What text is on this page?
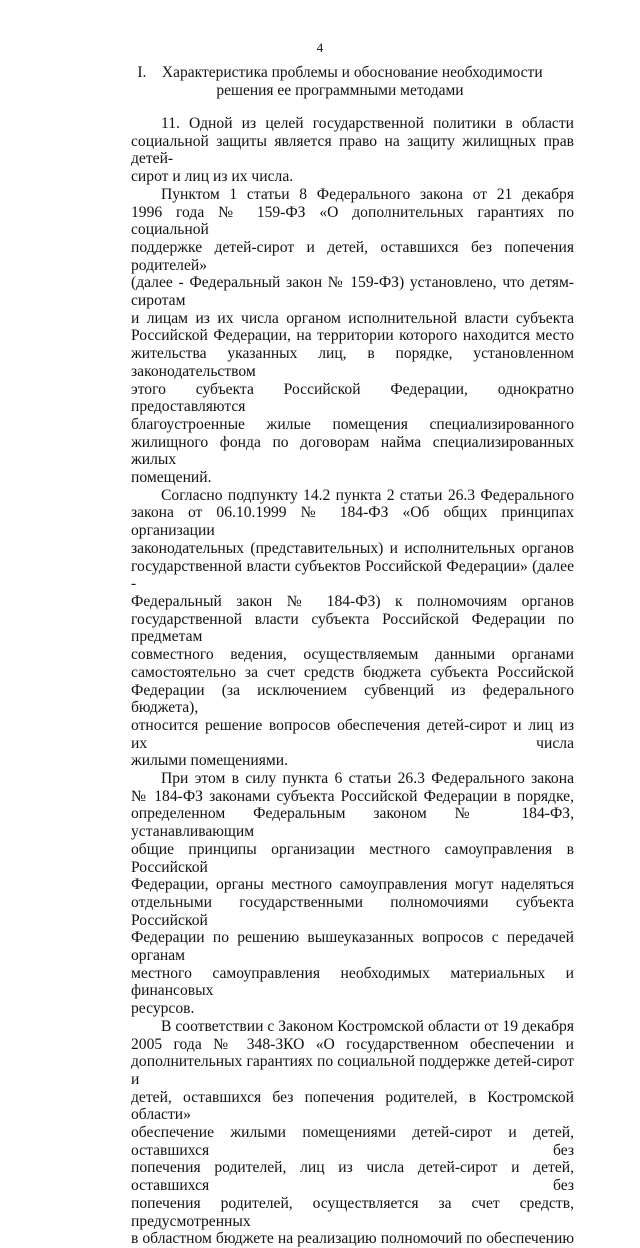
4
I.    Характеристика проблемы и обоснование необходимости
решения ее программными методами
11. Одной из целей государственной политики в области
социальной защиты является право на защиту жилищных прав детей-
сирот и лиц из их числа.
Пунктом 1 статьи 8 Федерального закона от 21 декабря
1996 года № 159-ФЗ «О дополнительных гарантиях по социальной
поддержке детей-сирот и детей, оставшихся без попечения родителей»
(далее - Федеральный закон № 159-ФЗ) установлено, что детям-сиротам
и лицам из их числа органом исполнительной власти субъекта
Российской Федерации, на территории которого находится место
жительства указанных лиц, в порядке, установленном законодательством
этого субъекта Российской Федерации, однократно предоставляются
благоустроенные жилые помещения специализированного
жилищного фонда по договорам найма специализированных жилых
помещений.
Согласно подпункту 14.2 пункта 2 статьи 26.3 Федерального
закона от 06.10.1999 № 184-ФЗ «Об общих принципах организации
законодательных (представительных) и исполнительных органов
государственной власти субъектов Российской Федерации» (далее -
Федеральный закон № 184-ФЗ) к полномочиям органов
государственной власти субъекта Российской Федерации по предметам
совместного ведения, осуществляемым данными органами
самостоятельно за счет средств бюджета субъекта Российской
Федерации (за исключением субвенций из федерального бюджета),
относится решение вопросов обеспечения детей-сирот и лиц из их числа
жилыми помещениями.
При этом в силу пункта 6 статьи 26.3 Федерального закона
№ 184-ФЗ законами субъекта Российской Федерации в порядке,
определенном Федеральным законом № 184-ФЗ, устанавливающим
общие принципы организации местного самоуправления в Российской
Федерации, органы местного самоуправления могут наделяться
отдельными государственными полномочиями субъекта Российской
Федерации по решению вышеуказанных вопросов с передачей органам
местного самоуправления необходимых материальных и финансовых
ресурсов.
В соответствии с Законом Костромской области от 19 декабря
2005 года № 348-ЗКО «О государственном обеспечении и
дополнительных гарантиях по социальной поддержке детей-сирот и
детей, оставшихся без попечения родителей, в Костромской области»
обеспечение жилыми помещениями детей-сирот и детей, оставшихся без
попечения родителей, лиц из числа детей-сирот и детей, оставшихся без
попечения родителей, осуществляется за счет средств, предусмотренных
в областном бюджете на реализацию полномочий по обеспечению
